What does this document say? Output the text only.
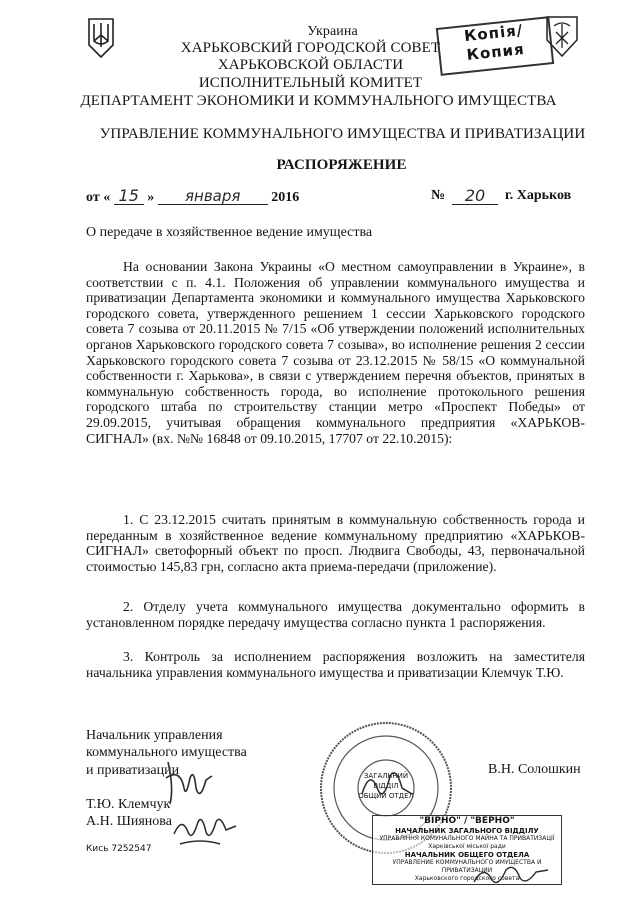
Копія/
Копия
Украина
ХАРЬКОВСКИЙ ГОРОДСКОЙ СОВЕТ
ХАРЬКОВСКОЙ ОБЛАСТИ
ИСПОЛНИТЕЛЬНЫЙ КОМИТЕТ
ДЕПАРТАМЕНТ ЭКОНОМИКИ И КОММУНАЛЬНОГО ИМУЩЕСТВА
УПРАВЛЕНИЕ КОММУНАЛЬНОГО ИМУЩЕСТВА И ПРИВАТИЗАЦИИ
РАСПОРЯЖЕНИЕ
от « 15 » января 2016	№	20	г. Харьков
О передаче в хозяйственное ведение имущества
На основании Закона Украины «О местном самоуправлении в Украине», в соответствии с п. 4.1. Положения об управлении коммунального имущества и приватизации Департамента экономики и коммунального имущества Харьковского городского совета, утвержденного решением 1 сессии Харьковского городского совета 7 созыва от 20.11.2015 № 7/15 «Об утверждении положений исполнительных органов Харьковского городского совета 7 созыва», во исполнение решения 2 сессии Харьковского городского совета 7 созыва от 23.12.2015 № 58/15 «О коммунальной собственности г. Харькова», в связи с утверждением перечня объектов, принятых в коммунальную собственность города, во исполнение протокольного решения городского штаба по строительству станции метро «Проспект Победы» от 29.09.2015, учитывая обращения коммунального предприятия «ХАРЬКОВ-СИГНАЛ» (вх. №№ 16848 от 09.10.2015, 17707 от 22.10.2015):
1. С 23.12.2015 считать принятым в коммунальную собственность города и переданным в хозяйственное ведение коммунальному предприятию «ХАРЬКОВ-СИГНАЛ» светофорный объект по просп. Людвига Свободы, 43, первоначальной стоимостью 145,83 грн, согласно акта приема-передачи (приложение).
2. Отделу учета коммунального имущества документально оформить в установленном порядке передачу имущества согласно пункта 1 распоряжения.
3. Контроль за исполнением распоряжения возложить на заместителя начальника управления коммунального имущества и приватизации Клемчук Т.Ю.
Начальник управления
коммунального имущества
и приватизации	В.Н. Солошкин
Т.Ю. Клемчук
А.Н. Шиянова
Кись 7252547
ЗАГАЛЬНИЙ
ВІДДІЛ
ОБЩИЙ ОТДЕЛ
"ВІРНО" / "ВЕРНО"
НАЧАЛЬНИК ЗАГАЛЬНОГО ВІДДІЛУ
УПРАВЛІННЯ КОМУНАЛЬНОГО МАЙНА ТА ПРИВАТИЗАЦІЇ
Харківської міської ради
НАЧАЛЬНИК ОБЩЕГО ОТДЕЛА
УПРАВЛЕНИЕ КОММУНАЛЬНОГО ИМУЩЕСТВА И ПРИВАТИЗАЦИИ
Харьковского городского совета
